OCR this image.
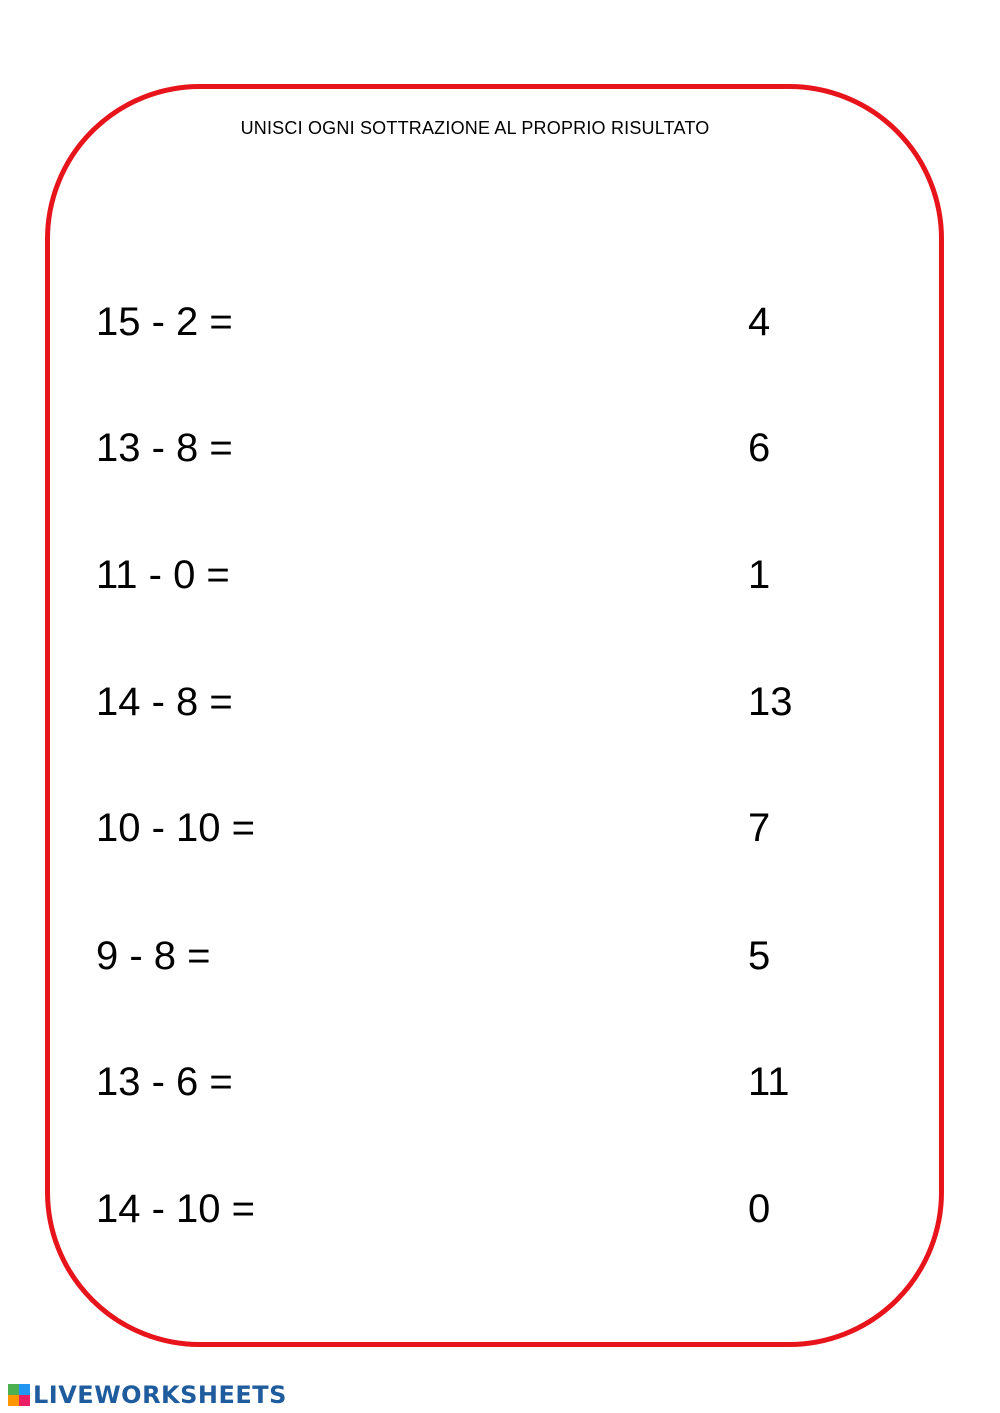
UNISCI OGNI SOTTRAZIONE AL PROPRIO RISULTATO
15 - 2 =	4
13 - 8 =	6
11 - 0 =	1
14 - 8 =	13
10 - 10 =	7
9 - 8 =	5
13 - 6 =	11
14 - 10 =	0
LIVEWORKSHEETS
